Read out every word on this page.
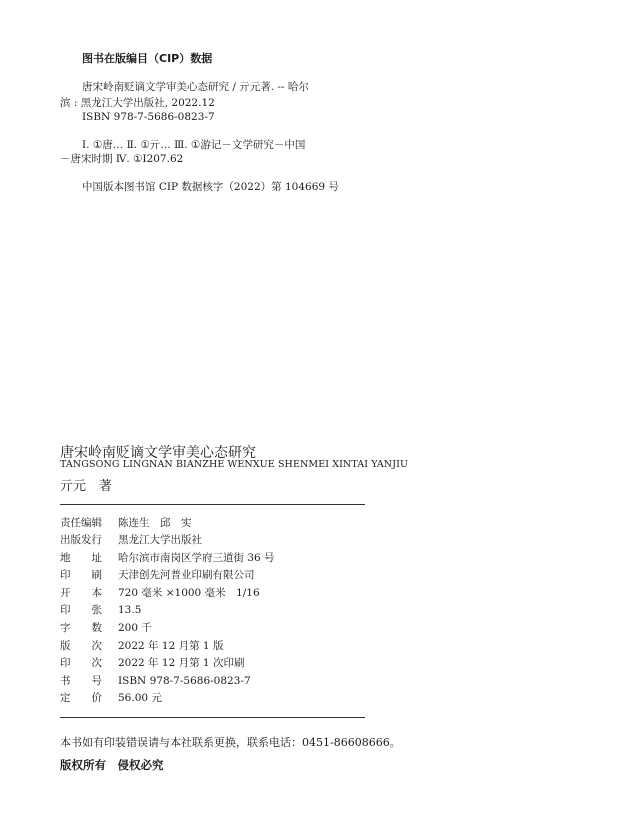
图书在版编目（CIP）数据
唐宋岭南贬谪文学审美心态研究 / 亓元著. -- 哈尔
滨 : 黑龙江大学出版社, 2022.12
ISBN 978-7-5686-0823-7
Ⅰ. ①唐… Ⅱ. ①亓… Ⅲ. ①游记－文学研究－中国
－唐宋时期 Ⅳ. ①I207.62
中国版本图书馆 CIP 数据核字（2022）第 104669 号
唐宋岭南贬谪文学审美心态研究
TANGSONG LINGNAN BIANZHE WENXUE SHENMEI XINTAI YANJIU
亓元　著
责任编辑 陈连生　邱　实
出版发行 黑龙江大学出版社
地　　址 哈尔滨市南岗区学府三道街 36 号
印　　刷 天津创先河普业印刷有限公司
开　　本 720 毫米 ×1000 毫米　1/16
印　　张 13.5
字　　数 200 千
版　　次 2022 年 12 月第 1 版
印　　次 2022 年 12 月第 1 次印刷
书　　号 ISBN 978-7-5686-0823-7
定　　价 56.00 元
本书如有印装错误请与本社联系更换，联系电话：0451-86608666。
版权所有　侵权必究
